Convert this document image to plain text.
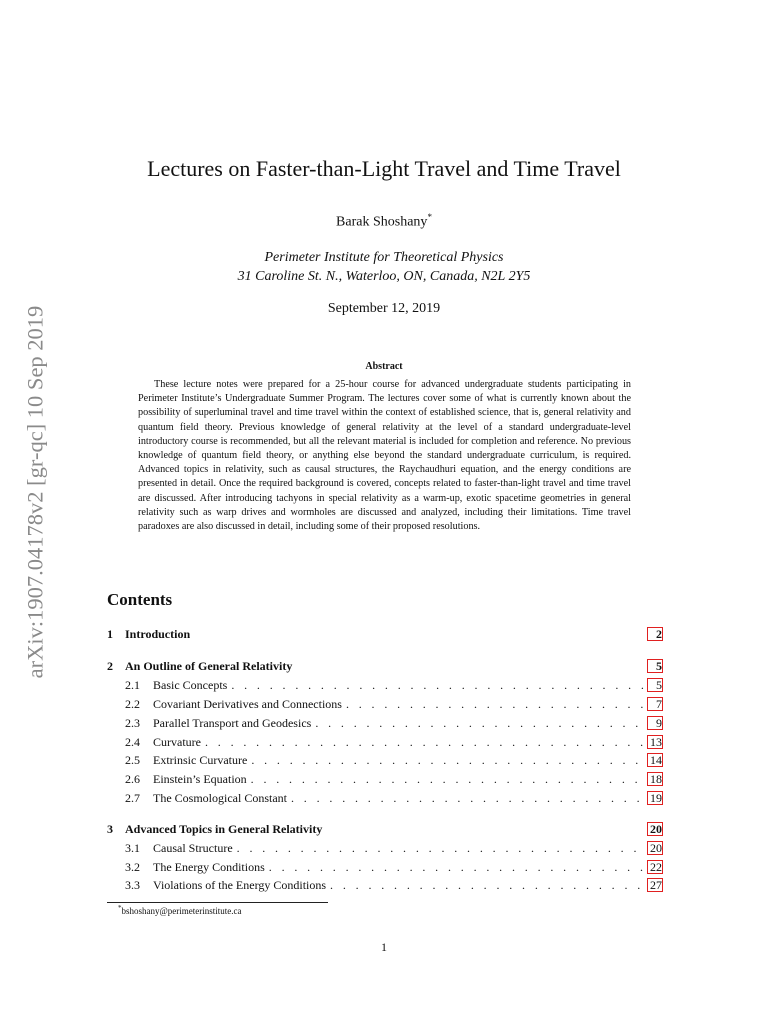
arXiv:1907.04178v2 [gr-qc] 10 Sep 2019
Lectures on Faster-than-Light Travel and Time Travel
Barak Shoshany*
Perimeter Institute for Theoretical Physics
31 Caroline St. N., Waterloo, ON, Canada, N2L 2Y5
September 12, 2019
Abstract
These lecture notes were prepared for a 25-hour course for advanced undergraduate students participating in Perimeter Institute’s Undergraduate Summer Program. The lectures cover some of what is currently known about the possibility of superluminal travel and time travel within the context of established science, that is, general relativity and quantum field theory. Previous knowledge of general relativity at the level of a standard undergraduate-level introductory course is recommended, but all the relevant material is included for completion and reference. No previous knowledge of quantum field theory, or anything else beyond the standard undergraduate curriculum, is required. Advanced topics in relativity, such as causal structures, the Raychaudhuri equation, and the energy conditions are presented in detail. Once the required background is covered, concepts related to faster-than-light travel and time travel are discussed. After introducing tachyons in special relativity as a warm-up, exotic spacetime geometries in general relativity such as warp drives and wormholes are discussed and analyzed, including their limitations. Time travel paradoxes are also discussed in detail, including some of their proposed resolutions.
Contents
1	Introduction	2
2	An Outline of General Relativity	5
2.1	Basic Concepts . . .	5
2.2	Covariant Derivatives and Connections . . .	7
2.3	Parallel Transport and Geodesics . . .	9
2.4	Curvature . . .	13
2.5	Extrinsic Curvature . . .	14
2.6	Einstein’s Equation . . .	18
2.7	The Cosmological Constant . . .	19
3	Advanced Topics in General Relativity	20
3.1	Causal Structure . . .	20
3.2	The Energy Conditions . . .	22
3.3	Violations of the Energy Conditions . . .	27
*bshoshany@perimeterinstitute.ca
1
